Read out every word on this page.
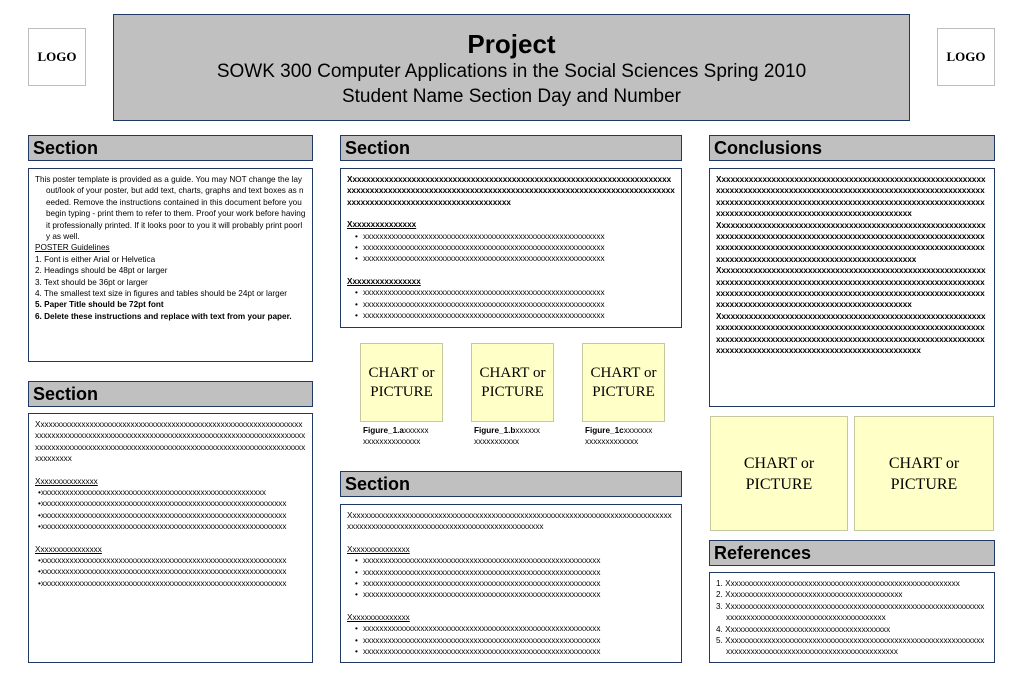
LOGO	LOGO
Project
SOWK 300 Computer Applications in the Social Sciences Spring 2010
Student Name Section Day and Number
Section

This poster template is provided as a guide. You may NOT change the layout/look of your poster, but add text, charts, graphs and text boxes as needed. Remove the instructions contained in this document before you begin typing - print them to refer to them. Proof your work before having it professionally printed. If it looks poor to you it will probably print poorly as well.

POSTER Guidelines

1. Font is either Arial or Helvetica

2. Headings should be 48pt or larger

3. Text should be 36pt or larger

4. The smallest text size in figures and tables should be 24pt or larger

5. Paper Title should be 72pt font

6. Delete these instructions and replace with text from your paper.

Section

Xxxxxxxxxxxxxxxxxxxxxxxxxxxxxxxxxxxxxxxxxxxxxxxxxxxxxxxxxxxxxxxxxxxxxxxxxxxxxxxxxxxxxxxxxxxxxxxxxxxxxxxxxxxxxxxxxxxxxxxxxxxxxxxxxxxxxxxxxxxxxxxxxxxxxxxxxxxxxxxxxxxxxxxxxxxxxxxxxxxxxxxxxxxxxxxxxxxxxxxxxxxxxx

Xxxxxxxxxxxxxxx

•xxxxxxxxxxxxxxxxxxxxxxxxxxxxxxxxxxxxxxxxxxxxxxxxxxxxxxx

•xxxxxxxxxxxxxxxxxxxxxxxxxxxxxxxxxxxxxxxxxxxxxxxxxxxxxxxxxxxx

•xxxxxxxxxxxxxxxxxxxxxxxxxxxxxxxxxxxxxxxxxxxxxxxxxxxxxxxxxxxx

•xxxxxxxxxxxxxxxxxxxxxxxxxxxxxxxxxxxxxxxxxxxxxxxxxxxxxxxxxxxx

Xxxxxxxxxxxxxxxx

•xxxxxxxxxxxxxxxxxxxxxxxxxxxxxxxxxxxxxxxxxxxxxxxxxxxxxxxxxxxx

•xxxxxxxxxxxxxxxxxxxxxxxxxxxxxxxxxxxxxxxxxxxxxxxxxxxxxxxxxxxx

•xxxxxxxxxxxxxxxxxxxxxxxxxxxxxxxxxxxxxxxxxxxxxxxxxxxxxxxxxxxx

Section

Xxxxxxxxxxxxxxxxxxxxxxxxxxxxxxxxxxxxxxxxxxxxxxxxxxxxxxxxxxxxxxxxxxxxxxxxxxxxxxxxxxxxxxxxxxxxxxxxxxxxxxxxxxxxxxxxxxxxxxxxxxxxxxxxxxxxxxxxxxxxxxxxxxxxxxxxxxxxxxxxxxxxxxxxxxxxxxxxxxx

Xxxxxxxxxxxxxxx

• xxxxxxxxxxxxxxxxxxxxxxxxxxxxxxxxxxxxxxxxxxxxxxxxxxxxxxxxxxx

• xxxxxxxxxxxxxxxxxxxxxxxxxxxxxxxxxxxxxxxxxxxxxxxxxxxxxxxxxxx

• xxxxxxxxxxxxxxxxxxxxxxxxxxxxxxxxxxxxxxxxxxxxxxxxxxxxxxxxxxx

Xxxxxxxxxxxxxxxx

• xxxxxxxxxxxxxxxxxxxxxxxxxxxxxxxxxxxxxxxxxxxxxxxxxxxxxxxxxxx

• xxxxxxxxxxxxxxxxxxxxxxxxxxxxxxxxxxxxxxxxxxxxxxxxxxxxxxxxxxx

• xxxxxxxxxxxxxxxxxxxxxxxxxxxxxxxxxxxxxxxxxxxxxxxxxxxxxxxxxxx

CHART or
PICTURE
Figure_1.axxxxxx
xxxxxxxxxxxxxx
CHART or
PICTURE
Figure_1.bxxxxxx
xxxxxxxxxxx
CHART or
PICTURE
Figure_1cxxxxxxx
xxxxxxxxxxxxx
Section

Xxxxxxxxxxxxxxxxxxxxxxxxxxxxxxxxxxxxxxxxxxxxxxxxxxxxxxxxxxxxxxxxxxxxxxxxxxxxxxxxxxxxxxxxxxxxxxxxxxxxxxxxxxxxxxxxxxxxxxxxxxxxxxx

Xxxxxxxxxxxxxxx

• xxxxxxxxxxxxxxxxxxxxxxxxxxxxxxxxxxxxxxxxxxxxxxxxxxxxxxxxxx

• xxxxxxxxxxxxxxxxxxxxxxxxxxxxxxxxxxxxxxxxxxxxxxxxxxxxxxxxxx

• xxxxxxxxxxxxxxxxxxxxxxxxxxxxxxxxxxxxxxxxxxxxxxxxxxxxxxxxxx

• xxxxxxxxxxxxxxxxxxxxxxxxxxxxxxxxxxxxxxxxxxxxxxxxxxxxxxxxxx

Xxxxxxxxxxxxxxx

• xxxxxxxxxxxxxxxxxxxxxxxxxxxxxxxxxxxxxxxxxxxxxxxxxxxxxxxxxx

• xxxxxxxxxxxxxxxxxxxxxxxxxxxxxxxxxxxxxxxxxxxxxxxxxxxxxxxxxx

• xxxxxxxxxxxxxxxxxxxxxxxxxxxxxxxxxxxxxxxxxxxxxxxxxxxxxxxxxx

Conclusions

Xxxxxxxxxxxxxxxxxxxxxxxxxxxxxxxxxxxxxxxxxxxxxxxxxxxxxxxxxxxxxxxxxxxxxxxxxxxxxxxxxxxxxxxxxxxxxxxxxxxxxxxxxxxxxxxxxxxxxxxxxxxxxxxxxxxxxxxxxxxxxxxxxxxxxxxxxxxxxxxxxxxxxxxxxxxxxxxxxxxxxxxxxxxxxxxxxxxxxxxxxxxxxxxxxxxxxxxxxxxx

Xxxxxxxxxxxxxxxxxxxxxxxxxxxxxxxxxxxxxxxxxxxxxxxxxxxxxxxxxxxxxxxxxxxxxxxxxxxxxxxxxxxxxxxxxxxxxxxxxxxxxxxxxxxxxxxxxxxxxxxxxxxxxxxxxxxxxxxxxxxxxxxxxxxxxxxxxxxxxxxxxxxxxxxxxxxxxxxxxxxxxxxxxxxxxxxxxxxxxxxxxxxxxxxxxxxxxxxxxxxxx

Xxxxxxxxxxxxxxxxxxxxxxxxxxxxxxxxxxxxxxxxxxxxxxxxxxxxxxxxxxxxxxxxxxxxxxxxxxxxxxxxxxxxxxxxxxxxxxxxxxxxxxxxxxxxxxxxxxxxxxxxxxxxxxxxxxxxxxxxxxxxxxxxxxxxxxxxxxxxxxxxxxxxxxxxxxxxxxxxxxxxxxxxxxxxxxxxxxxxxxxxxxxxxxxxxxxxxxxxxxxx

Xxxxxxxxxxxxxxxxxxxxxxxxxxxxxxxxxxxxxxxxxxxxxxxxxxxxxxxxxxxxxxxxxxxxxxxxxxxxxxxxxxxxxxxxxxxxxxxxxxxxxxxxxxxxxxxxxxxxxxxxxxxxxxxxxxxxxxxxxxxxxxxxxxxxxxxxxxxxxxxxxxxxxxxxxxxxxxxxxxxxxxxxxxxxxxxxxxxxxxxxxxxxxxxxxxxxxxxxxxxxxx

CHART or
PICTURE
CHART or
PICTURE
References

1. Xxxxxxxxxxxxxxxxxxxxxxxxxxxxxxxxxxxxxxxxxxxxxxxxxxxxxxxxx

2. Xxxxxxxxxxxxxxxxxxxxxxxxxxxxxxxxxxxxxxxxxxx

3. Xxxxxxxxxxxxxxxxxxxxxxxxxxxxxxxxxxxxxxxxxxxxxxxxxxxxxxxxxxxxxxxxxxxxxxxxxxxxxxxxxxxxxxxxxxxxxxxxxxxxxx

4. Xxxxxxxxxxxxxxxxxxxxxxxxxxxxxxxxxxxxxxxx

5. Xxxxxxxxxxxxxxxxxxxxxxxxxxxxxxxxxxxxxxxxxxxxxxxxxxxxxxxxxxxxxxxxxxxxxxxxxxxxxxxxxxxxxxxxxxxxxxxxxxxxxxxxx
